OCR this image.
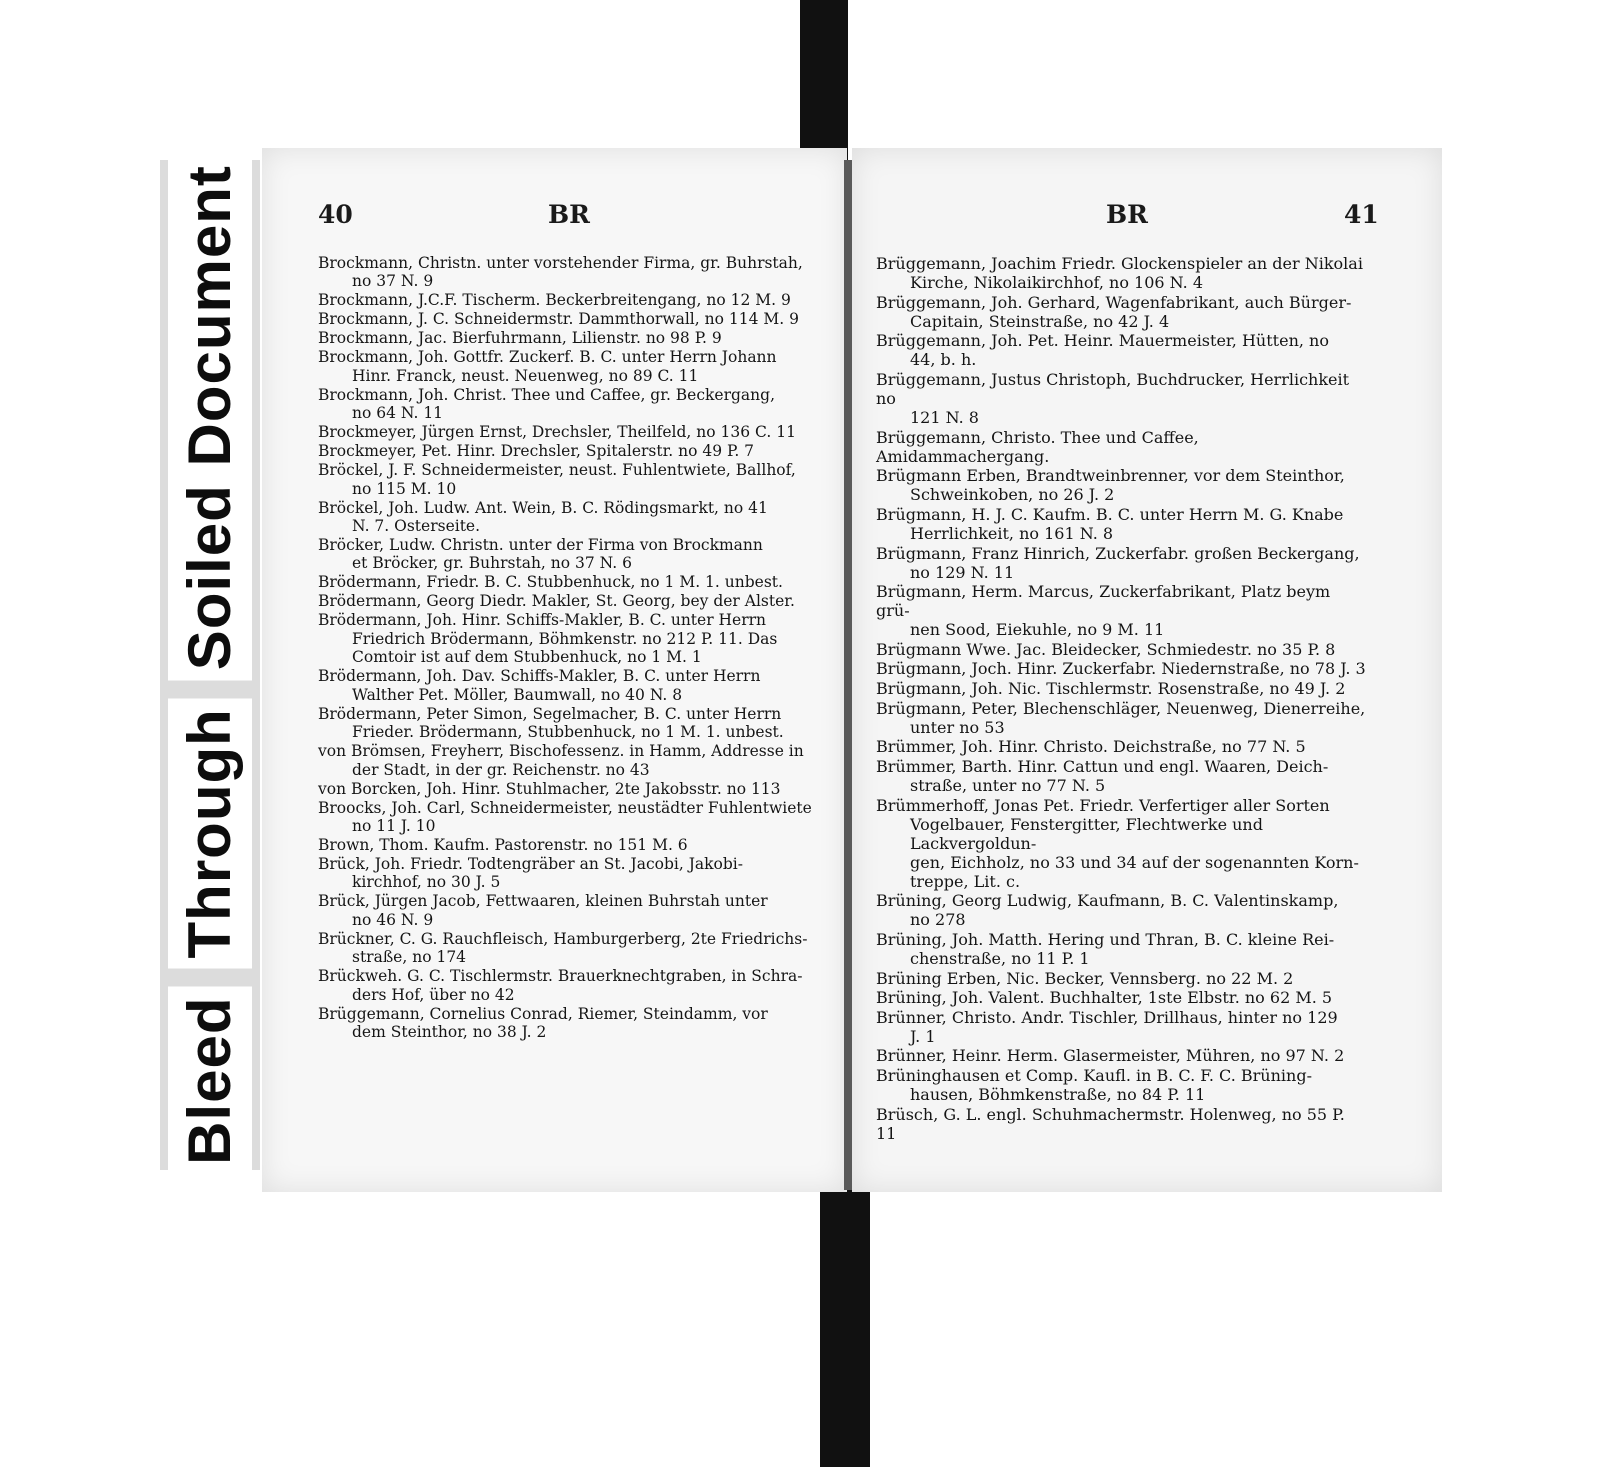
Bleed
Through
Soiled Document	40	BR	BR	41
Brockmann, Christn. unter vorstehender Firma, gr. Buhrstah,
no 37 N. 9
Brockmann, J.C.F. Tischerm. Beckerbreitengang, no 12 M. 9
Brockmann, J. C. Schneidermstr. Dammthorwall, no 114 M. 9
Brockmann, Jac. Bierfuhrmann, Lilienstr. no 98 P. 9
Brockmann, Joh. Gottfr. Zuckerf. B. C. unter Herrn Johann
Hinr. Franck, neust. Neuenweg, no 89 C. 11
Brockmann, Joh. Christ. Thee und Caffee, gr. Beckergang,
no 64 N. 11
Brockmeyer, Jürgen Ernst, Drechsler, Theilfeld, no 136 C. 11
Brockmeyer, Pet. Hinr. Drechsler, Spitalerstr. no 49 P. 7
Bröckel, J. F. Schneidermeister, neust. Fuhlentwiete, Ballhof,
no 115 M. 10
Bröckel, Joh. Ludw. Ant. Wein, B. C. Rödingsmarkt, no 41
N. 7. Osterseite.
Bröcker, Ludw. Christn. unter der Firma von Brockmann
et Bröcker, gr. Buhrstah, no 37 N. 6
Brödermann, Friedr. B. C. Stubbenhuck, no 1 M. 1. unbest.
Brödermann, Georg Diedr. Makler, St. Georg, bey der Alster.
Brödermann, Joh. Hinr. Schiffs-Makler, B. C. unter Herrn
Friedrich Brödermann, Böhmkenstr. no 212 P. 11. Das
Comtoir ist auf dem Stubbenhuck, no 1 M. 1
Brödermann, Joh. Dav. Schiffs-Makler, B. C. unter Herrn
Walther Pet. Möller, Baumwall, no 40 N. 8
Brödermann, Peter Simon, Segelmacher, B. C. unter Herrn
Frieder. Brödermann, Stubbenhuck, no 1 M. 1. unbest.
von Brömsen, Freyherr, Bischofessenz. in Hamm, Addresse in
der Stadt, in der gr. Reichenstr. no 43
von Borcken, Joh. Hinr. Stuhlmacher, 2te Jakobsstr. no 113
Broocks, Joh. Carl, Schneidermeister, neustädter Fuhlentwiete
no 11 J. 10
Brown, Thom. Kaufm. Pastorenstr. no 151 M. 6
Brück, Joh. Friedr. Todtengräber an St. Jacobi, Jakobi-
kirchhof, no 30 J. 5
Brück, Jürgen Jacob, Fettwaaren, kleinen Buhrstah unter
no 46 N. 9
Brückner, C. G. Rauchfleisch, Hamburgerberg, 2te Friedrichs-
straße, no 174
Brückweh. G. C. Tischlermstr. Brauerknechtgraben, in Schra-
ders Hof, über no 42
Brüggemann, Cornelius Conrad, Riemer, Steindamm, vor
dem Steinthor, no 38 J. 2
Brüggemann, Joachim Friedr. Glockenspieler an der Nikolai
Kirche, Nikolaikirchhof, no 106 N. 4
Brüggemann, Joh. Gerhard, Wagenfabrikant, auch Bürger-
Capitain, Steinstraße, no 42 J. 4
Brüggemann, Joh. Pet. Heinr. Mauermeister, Hütten, no
44, b. h.
Brüggemann, Justus Christoph, Buchdrucker, Herrlichkeit no
121 N. 8
Brüggemann, Christo. Thee und Caffee, Amidammachergang.
Brügmann Erben, Brandtweinbrenner, vor dem Steinthor,
Schweinkoben, no 26 J. 2
Brügmann, H. J. C. Kaufm. B. C. unter Herrn M. G. Knabe
Herrlichkeit, no 161 N. 8
Brügmann, Franz Hinrich, Zuckerfabr. großen Beckergang,
no 129 N. 11
Brügmann, Herm. Marcus, Zuckerfabrikant, Platz beym grü-
nen Sood, Eiekuhle, no 9 M. 11
Brügmann Wwe. Jac. Bleidecker, Schmiedestr. no 35 P. 8
Brügmann, Joch. Hinr. Zuckerfabr. Niedernstraße, no 78 J. 3
Brügmann, Joh. Nic. Tischlermstr. Rosenstraße, no 49 J. 2
Brügmann, Peter, Blechenschläger, Neuenweg, Dienerreihe,
unter no 53
Brümmer, Joh. Hinr. Christo. Deichstraße, no 77 N. 5
Brümmer, Barth. Hinr. Cattun und engl. Waaren, Deich-
straße, unter no 77 N. 5
Brümmerhoff, Jonas Pet. Friedr. Verfertiger aller Sorten
Vogelbauer, Fenstergitter, Flechtwerke und Lackvergoldun-
gen, Eichholz, no 33 und 34 auf der sogenannten Korn-
treppe, Lit. c.
Brüning, Georg Ludwig, Kaufmann, B. C. Valentinskamp,
no 278
Brüning, Joh. Matth. Hering und Thran, B. C. kleine Rei-
chenstraße, no 11 P. 1
Brüning Erben, Nic. Becker, Vennsberg. no 22 M. 2
Brüning, Joh. Valent. Buchhalter, 1ste Elbstr. no 62 M. 5
Brünner, Christo. Andr. Tischler, Drillhaus, hinter no 129
J. 1
Brünner, Heinr. Herm. Glasermeister, Mühren, no 97 N. 2
Brüninghausen et Comp. Kaufl. in B. C. F. C. Brüning-
hausen, Böhmkenstraße, no 84 P. 11
Brüsch, G. L. engl. Schuhmachermstr. Holenweg, no 55 P. 11
